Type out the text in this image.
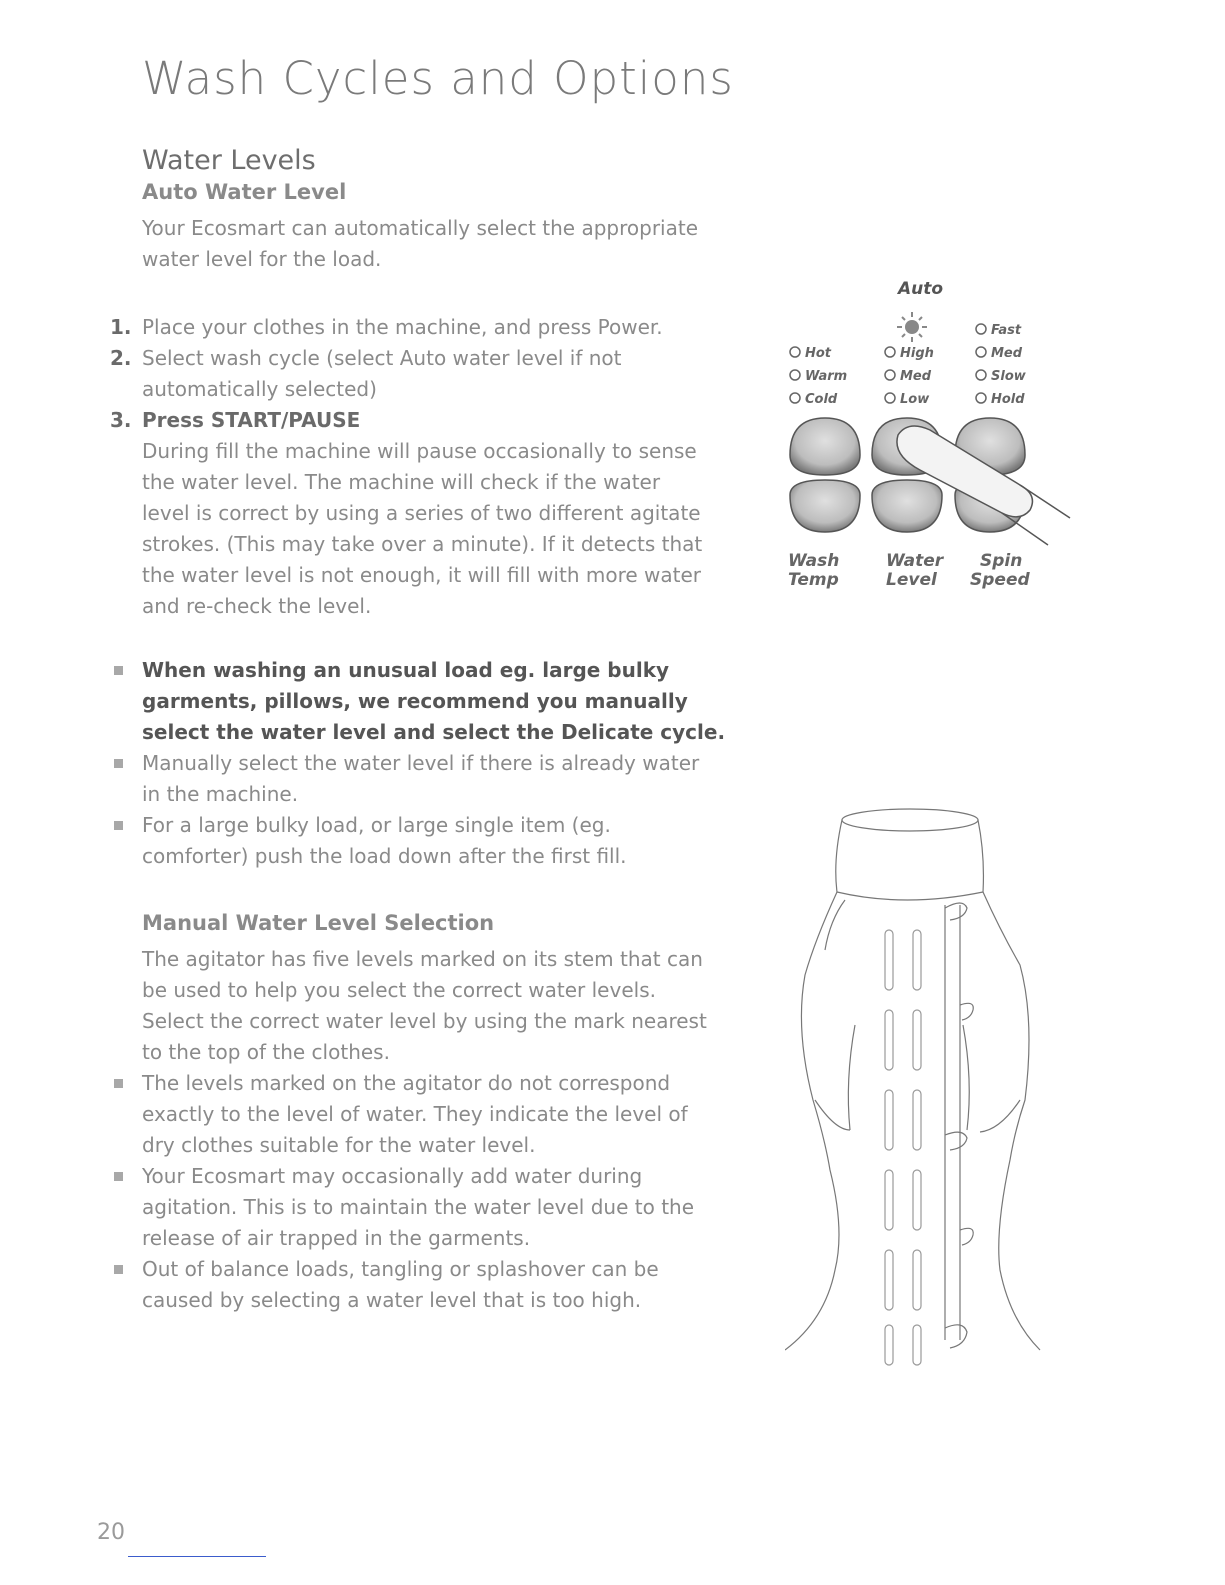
Wash Cycles and Options
Water Levels
Auto Water Level
Your Ecosmart can automatically select the appropriate
water level for the load.
1. Place your clothes in the machine, and press Power.
2. Select wash cycle (select Auto water level if not
automatically selected)
3. Press START/PAUSE
During fill the machine will pause occasionally to sense
the water level. The machine will check if the water
level is correct by using a series of two different agitate
strokes. (This may take over a minute). If it detects that
the water level is not enough, it will fill with more water
and re-check the level.
When washing an unusual load eg. large bulky
garments, pillows, we recommend you manually
select the water level and select the Delicate cycle.
Manually select the water level if there is already water
in the machine.
For a large bulky load, or large single item (eg.
comforter) push the load down after the first fill.
Manual Water Level Selection
The agitator has five levels marked on its stem that can
be used to help you select the correct water levels.
Select the correct water level by using the mark nearest
to the top of the clothes.
The levels marked on the agitator do not correspond
exactly to the level of water. They indicate the level of
dry clothes suitable for the water level.
Your Ecosmart may occasionally add water during
agitation. This is to maintain the water level due to the
release of air trapped in the garments.
Out of balance loads, tangling or splashover can be
caused by selecting a water level that is too high.
Auto
Fast
Med
Slow
Hold
Hot
Warm
Cold
High
Med
Low
Wash
Temp
Water
Level
Spin
Speed
20
